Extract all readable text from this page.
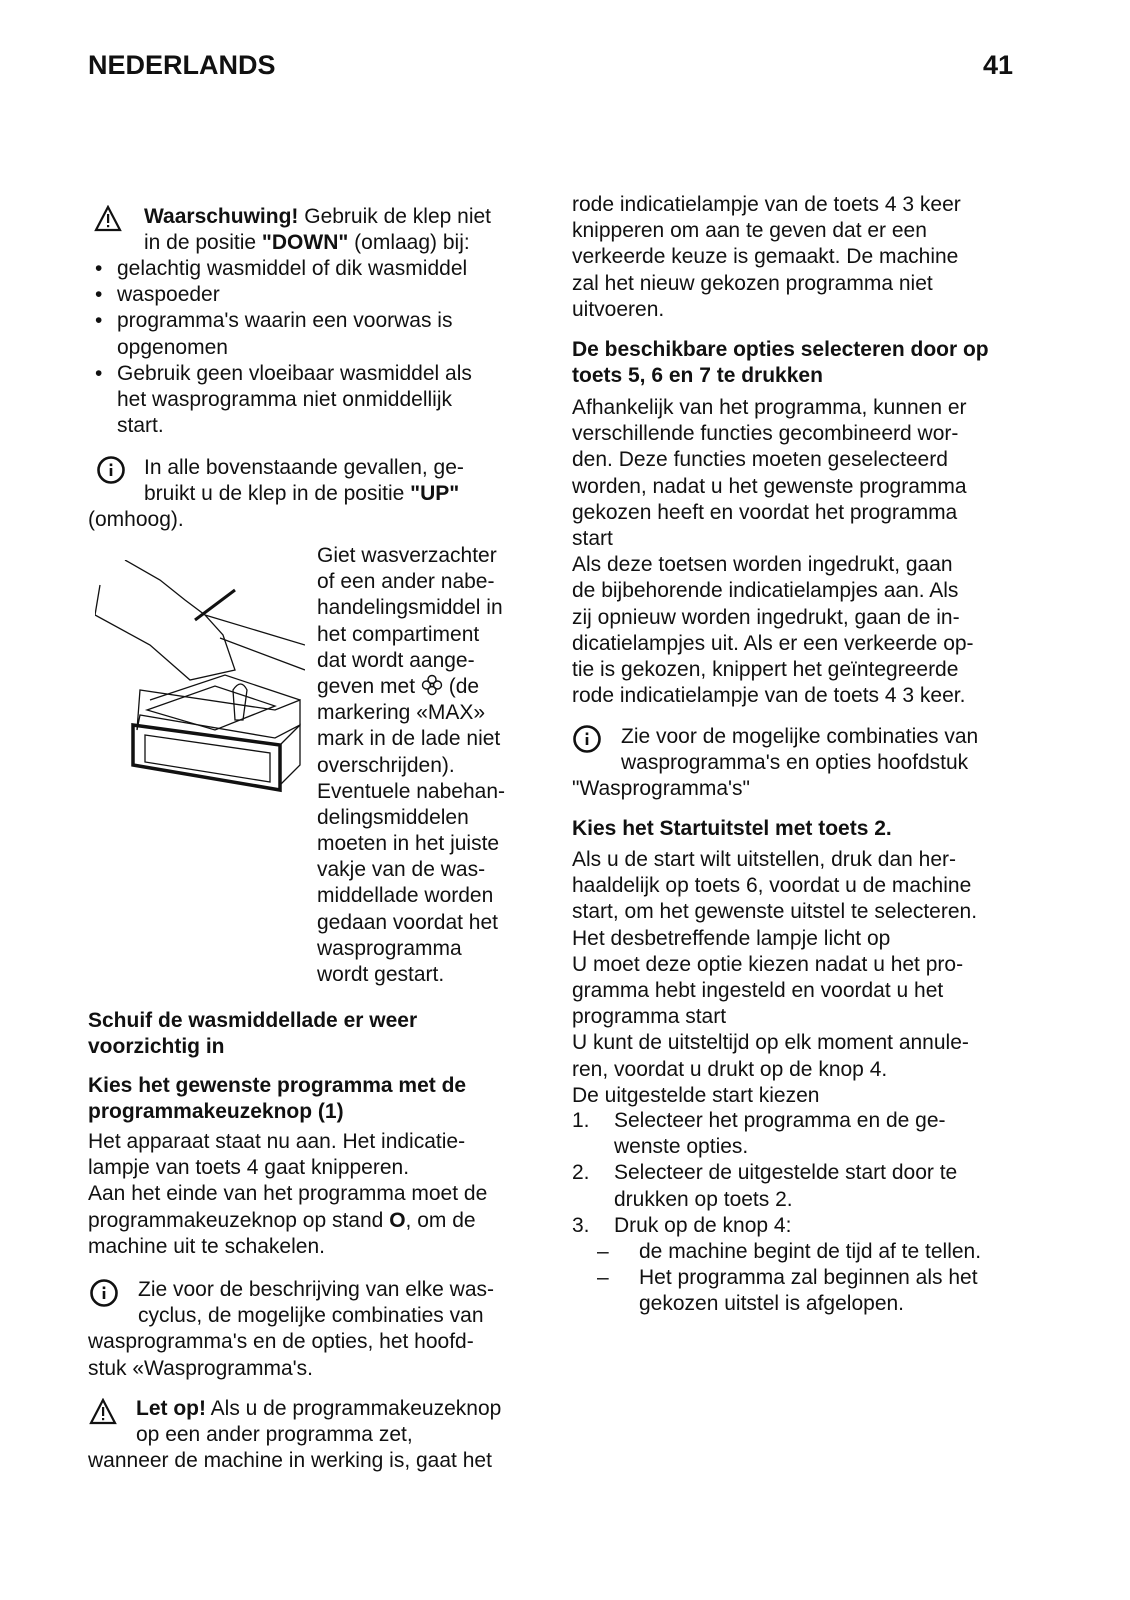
NEDERLANDS	41
Waarschuwing! Gebruik de klep niet
in de positie "DOWN" (omlaag) bij:
• gelachtig wasmiddel of dik wasmiddel
• waspoeder
• programma's waarin een voorwas is
opgenomen
• Gebruik geen vloeibaar wasmiddel als
het wasprogramma niet onmiddellijk
start.
In alle bovenstaande gevallen, ge-
bruikt u de klep in de positie "UP"
(omhoog).
Giet wasverzachter
of een ander nabe-
handelingsmiddel in
het compartiment
dat wordt aange-
geven met  (de
markering «MAX»
mark in de lade niet
overschrijden).
Eventuele nabehan-
delingsmiddelen
moeten in het juiste
vakje van de was-
middellade worden
gedaan voordat het
wasprogramma
wordt gestart.
Schuif de wasmiddellade er weer
voorzichtig in
Kies het gewenste programma met de
programmakeuzeknop (1)
Het apparaat staat nu aan. Het indicatie-
lampje van toets 4 gaat knipperen.
Aan het einde van het programma moet de
programmakeuzeknop op stand O, om de
machine uit te schakelen.
Zie voor de beschrijving van elke was-
cyclus, de mogelijke combinaties van
wasprogramma's en de opties, het hoofd-
stuk «Wasprogramma's.
Let op! Als u de programmakeuzeknop
op een ander programma zet,
wanneer de machine in werking is, gaat het
rode indicatielampje van de toets 4 3 keer
knipperen om aan te geven dat er een
verkeerde keuze is gemaakt. De machine
zal het nieuw gekozen programma niet
uitvoeren.
De beschikbare opties selecteren door op
toets 5, 6 en 7 te drukken
Afhankelijk van het programma, kunnen er
verschillende functies gecombineerd wor-
den. Deze functies moeten geselecteerd
worden, nadat u het gewenste programma
gekozen heeft en voordat het programma
start
Als deze toetsen worden ingedrukt, gaan
de bijbehorende indicatielampjes aan. Als
zij opnieuw worden ingedrukt, gaan de in-
dicatielampjes uit. Als er een verkeerde op-
tie is gekozen, knippert het geïntegreerde
rode indicatielampje van de toets 4 3 keer.
Zie voor de mogelijke combinaties van
wasprogramma's en opties hoofdstuk
"Wasprogramma's"
Kies het Startuitstel met toets 2.
Als u de start wilt uitstellen, druk dan her-
haaldelijk op toets 6, voordat u de machine
start, om het gewenste uitstel te selecteren.
Het desbetreffende lampje licht op
U moet deze optie kiezen nadat u het pro-
gramma hebt ingesteld en voordat u het
programma start
U kunt de uitsteltijd op elk moment annule-
ren, voordat u drukt op de knop 4.
De uitgestelde start kiezen
1. Selecteer het programma en de ge-
wenste opties.
2. Selecteer de uitgestelde start door te
drukken op toets 2.
3. Druk op de knop 4:
– de machine begint de tijd af te tellen.
– Het programma zal beginnen als het
gekozen uitstel is afgelopen.
